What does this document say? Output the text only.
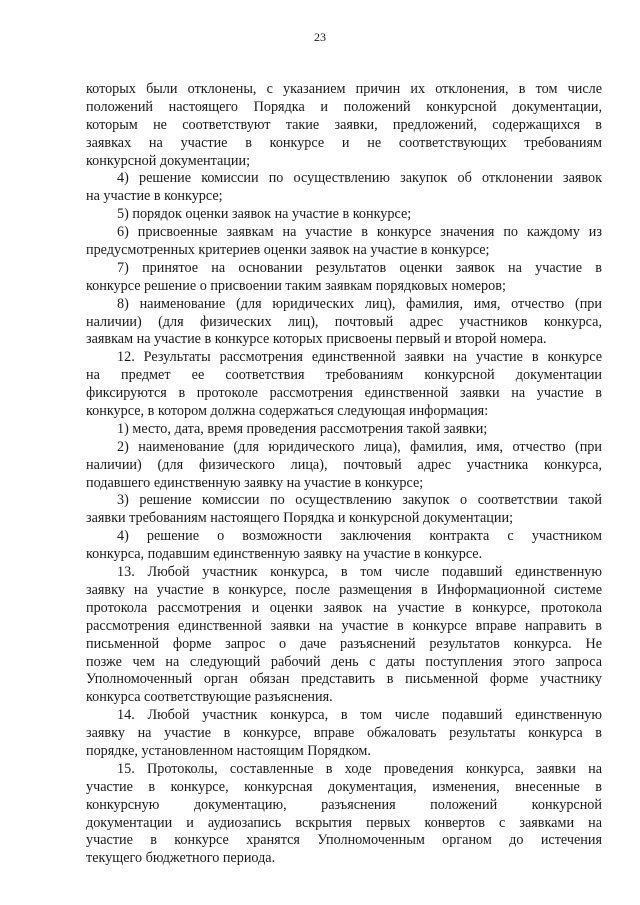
23
которых были отклонены, с указанием причин их отклонения, в том числе
положений настоящего Порядка и положений конкурсной документации,
которым не соответствуют такие заявки, предложений, содержащихся в
заявках на участие в конкурсе и не соответствующих требованиям
конкурсной документации;
4) решение комиссии по осуществлению закупок об отклонении заявок
на участие в конкурсе;
5) порядок оценки заявок на участие в конкурсе;
6) присвоенные заявкам на участие в конкурсе значения по каждому из
предусмотренных критериев оценки заявок на участие в конкурсе;
7) принятое на основании результатов оценки заявок на участие в
конкурсе решение о присвоении таким заявкам порядковых номеров;
8) наименование (для юридических лиц), фамилия, имя, отчество (при
наличии) (для физических лиц), почтовый адрес участников конкурса,
заявкам на участие в конкурсе которых присвоены первый и второй номера.
12. Результаты рассмотрения единственной заявки на участие в конкурсе
на предмет ее соответствия требованиям конкурсной документации
фиксируются в протоколе рассмотрения единственной заявки на участие в
конкурсе, в котором должна содержаться следующая информация:
1) место, дата, время проведения рассмотрения такой заявки;
2) наименование (для юридического лица), фамилия, имя, отчество (при
наличии) (для физического лица), почтовый адрес участника конкурса,
подавшего единственную заявку на участие в конкурсе;
3) решение комиссии по осуществлению закупок о соответствии такой
заявки требованиям настоящего Порядка и конкурсной документации;
4) решение о возможности заключения контракта с участником
конкурса, подавшим единственную заявку на участие в конкурсе.
13. Любой участник конкурса, в том числе подавший единственную
заявку на участие в конкурсе, после размещения в Информационной системе
протокола рассмотрения и оценки заявок на участие в конкурсе, протокола
рассмотрения единственной заявки на участие в конкурсе вправе направить в
письменной форме запрос о даче разъяснений результатов конкурса. Не
позже чем на следующий рабочий день с даты поступления этого запроса
Уполномоченный орган обязан представить в письменной форме участнику
конкурса соответствующие разъяснения.
14. Любой участник конкурса, в том числе подавший единственную
заявку на участие в конкурсе, вправе обжаловать результаты конкурса в
порядке, установленном настоящим Порядком.
15. Протоколы, составленные в ходе проведения конкурса, заявки на
участие в конкурсе, конкурсная документация, изменения, внесенные в
конкурсную документацию, разъяснения положений конкурсной
документации и аудиозапись вскрытия первых конвертов с заявками на
участие в конкурсе хранятся Уполномоченным органом до истечения
текущего бюджетного периода.
